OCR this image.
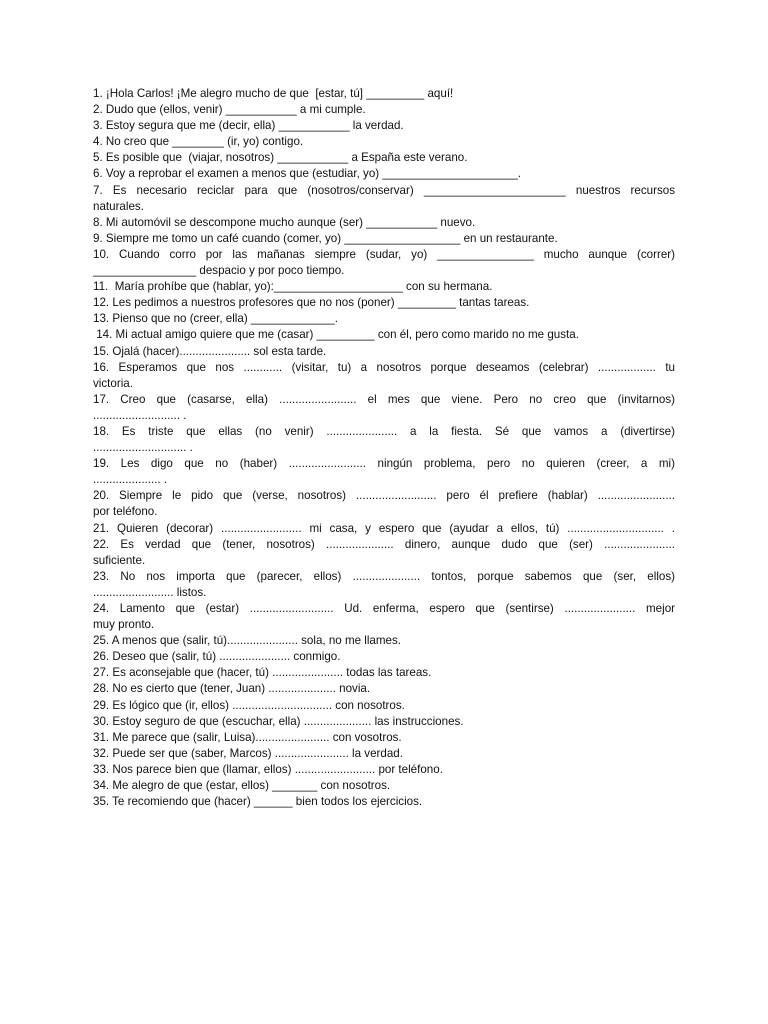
1. ¡Hola Carlos! ¡Me alegro mucho de que  [estar, tú] _________ aquí!
2. Dudo que (ellos, venir) ___________ a mi cumple.
3. Estoy segura que me (decir, ella) ___________ la verdad.
4. No creo que ________ (ir, yo) contigo.
5. Es posible que  (viajar, nosotros) ___________ a España este verano.
6. Voy a reprobar el examen a menos que (estudiar, yo) _____________________.
7. Es necesario reciclar para que (nosotros/conservar) ______________________ nuestros recursos
naturales.
8. Mi automóvil se descompone mucho aunque (ser) ___________ nuevo.
9. Siempre me tomo un café cuando (comer, yo) __________________ en un restaurante.
10. Cuando corro por las mañanas siempre (sudar, yo) _______________ mucho aunque (correr)
________________ despacio y por poco tiempo.
11.  María prohíbe que (hablar, yo):____________________ con su hermana.
12. Les pedimos a nuestros profesores que no nos (poner) _________ tantas tareas.
13. Pienso que no (creer, ella) _____________.
14. Mi actual amigo quiere que me (casar) _________ con él, pero como marido no me gusta.
15. Ojalá (hacer)...................... sol esta tarde.
16. Esperamos que nos ............ (visitar, tu) a nosotros porque deseamos (celebrar) .................. tu
victoria.
17. Creo que (casarse, ella) ........................ el mes que viene. Pero no creo que (invitarnos)
........................... .
18. Es triste que ellas (no venir) ...................... a la fiesta. Sé que vamos a (divertirse)
............................. .
19. Les digo que no (haber) ........................ ningún problema, pero no quieren (creer, a mi)
..................... .
20. Siempre le pido que (verse, nosotros) ......................... pero él prefiere (hablar) ........................
por teléfono.
21. Quieren (decorar) ......................... mi casa, y espero que (ayudar a ellos, tú) .............................. .
22. Es verdad que (tener, nosotros) ..................... dinero, aunque dudo que (ser) ......................
suficiente.
23. No nos importa que (parecer, ellos) ..................... tontos, porque sabemos que (ser, ellos)
......................... listos.
24. Lamento que (estar) .......................... Ud. enferma, espero que (sentirse) ...................... mejor
muy pronto.
25. A menos que (salir, tú)...................... sola, no me llames.
26. Deseo que (salir, tú) ...................... conmigo.
27. Es aconsejable que (hacer, tú) ...................... todas las tareas.
28. No es cierto que (tener, Juan) ..................... novia.
29. Es lógico que (ir, ellos) ............................... con nosotros.
30. Estoy seguro de que (escuchar, ella) ..................... las instrucciones.
31. Me parece que (salir, Luisa)....................... con vosotros.
32. Puede ser que (saber, Marcos) ....................... la verdad.
33. Nos parece bien que (llamar, ellos) ......................... por teléfono.
34. Me alegro de que (estar, ellos) _______ con nosotros.
35. Te recomiendo que (hacer) ______ bien todos los ejercicios.
